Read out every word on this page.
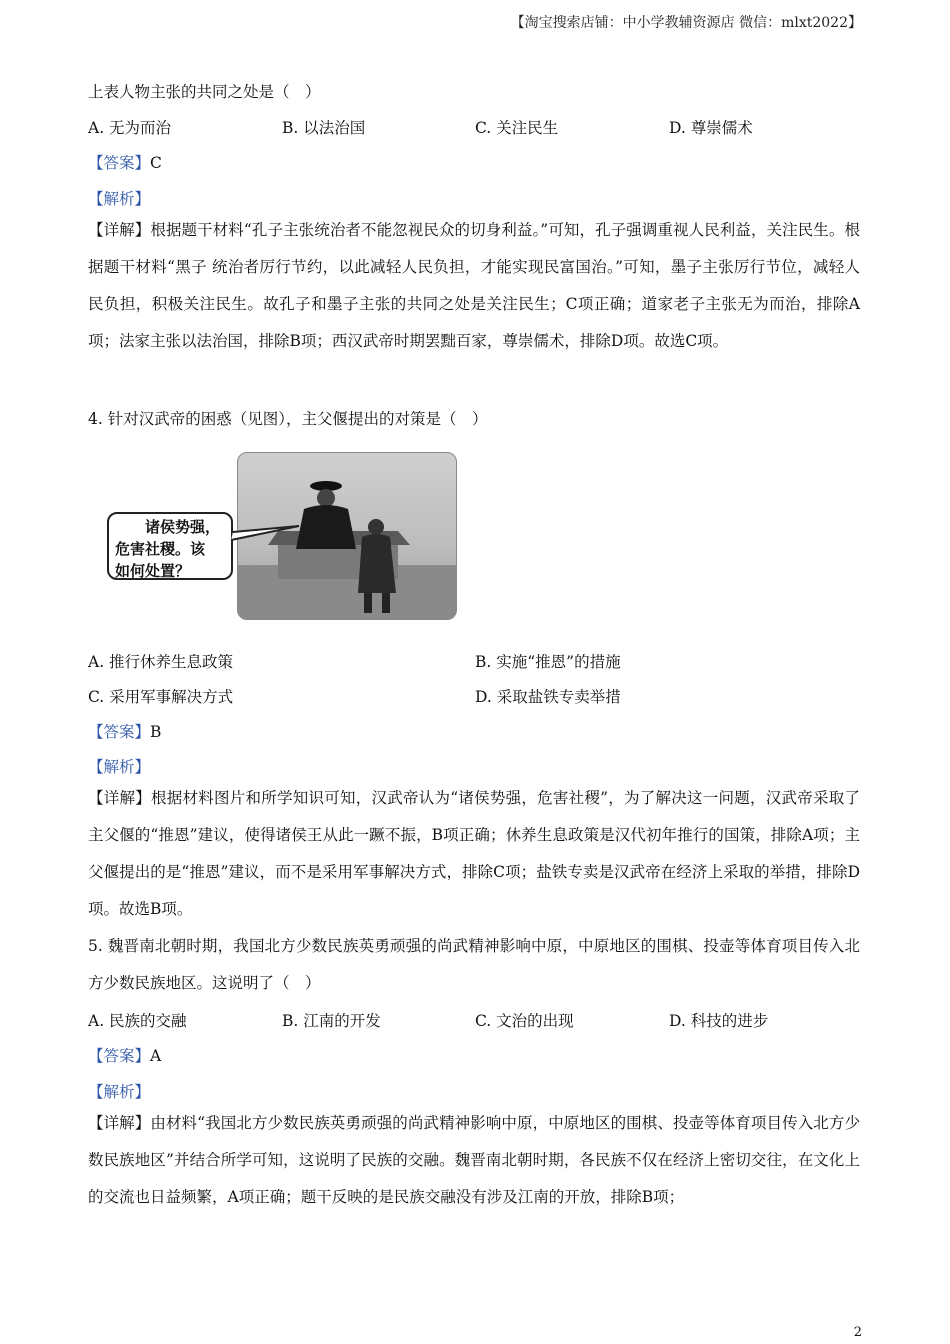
【淘宝搜索店铺：中小学教辅资源店 微信：mlxt2022】
上表人物主张的共同之处是（　）
A. 无为而治	B. 以法治国	C. 关注民生	D. 尊崇儒术
【答案】C
【解析】
【详解】根据题干材料“孔子主张统治者不能忽视民众的切身利益。”可知，孔子强调重视人民利益，关注民生。根据题干材料“黑子 统治者厉行节约，以此减轻人民负担，才能实现民富国治。”可知，墨子主张厉行节位，减轻人民负担，积极关注民生。故孔子和墨子主张的共同之处是关注民生；C项正确；道家老子主张无为而治，排除A项；法家主张以法治国，排除B项；西汉武帝时期罢黜百家，尊崇儒术，排除D项。故选C项。
4. 针对汉武帝的困惑（见图），主父偃提出的对策是（　）
诸侯势强，
危害社稷。该
如何处置？
A. 推行休养生息政策	B. 实施“推恩”的措施
C. 采用军事解决方式	D. 采取盐铁专卖举措
【答案】B
【解析】
【详解】根据材料图片和所学知识可知，汉武帝认为“诸侯势强，危害社稷”，为了解决这一问题，汉武帝采取了主父偃的“推恩”建议，使得诸侯王从此一蹶不振，B项正确；休养生息政策是汉代初年推行的国策，排除A项；主父偃提出的是“推恩”建议，而不是采用军事解决方式，排除C项；盐铁专卖是汉武帝在经济上采取的举措，排除D项。故选B项。
5. 魏晋南北朝时期，我国北方少数民族英勇顽强的尚武精神影响中原，中原地区的围棋、投壶等体育项目传入北方少数民族地区。这说明了（　）
A. 民族的交融	B. 江南的开发	C. 文治的出现	D. 科技的进步
【答案】A
【解析】
【详解】由材料“我国北方少数民族英勇顽强的尚武精神影响中原，中原地区的围棋、投壶等体育项目传入北方少数民族地区”并结合所学可知，这说明了民族的交融。魏晋南北朝时期，各民族不仅在经济上密切交往，在文化上的交流也日益频繁，A项正确；题干反映的是民族交融没有涉及江南的开放，排除B项；
2
